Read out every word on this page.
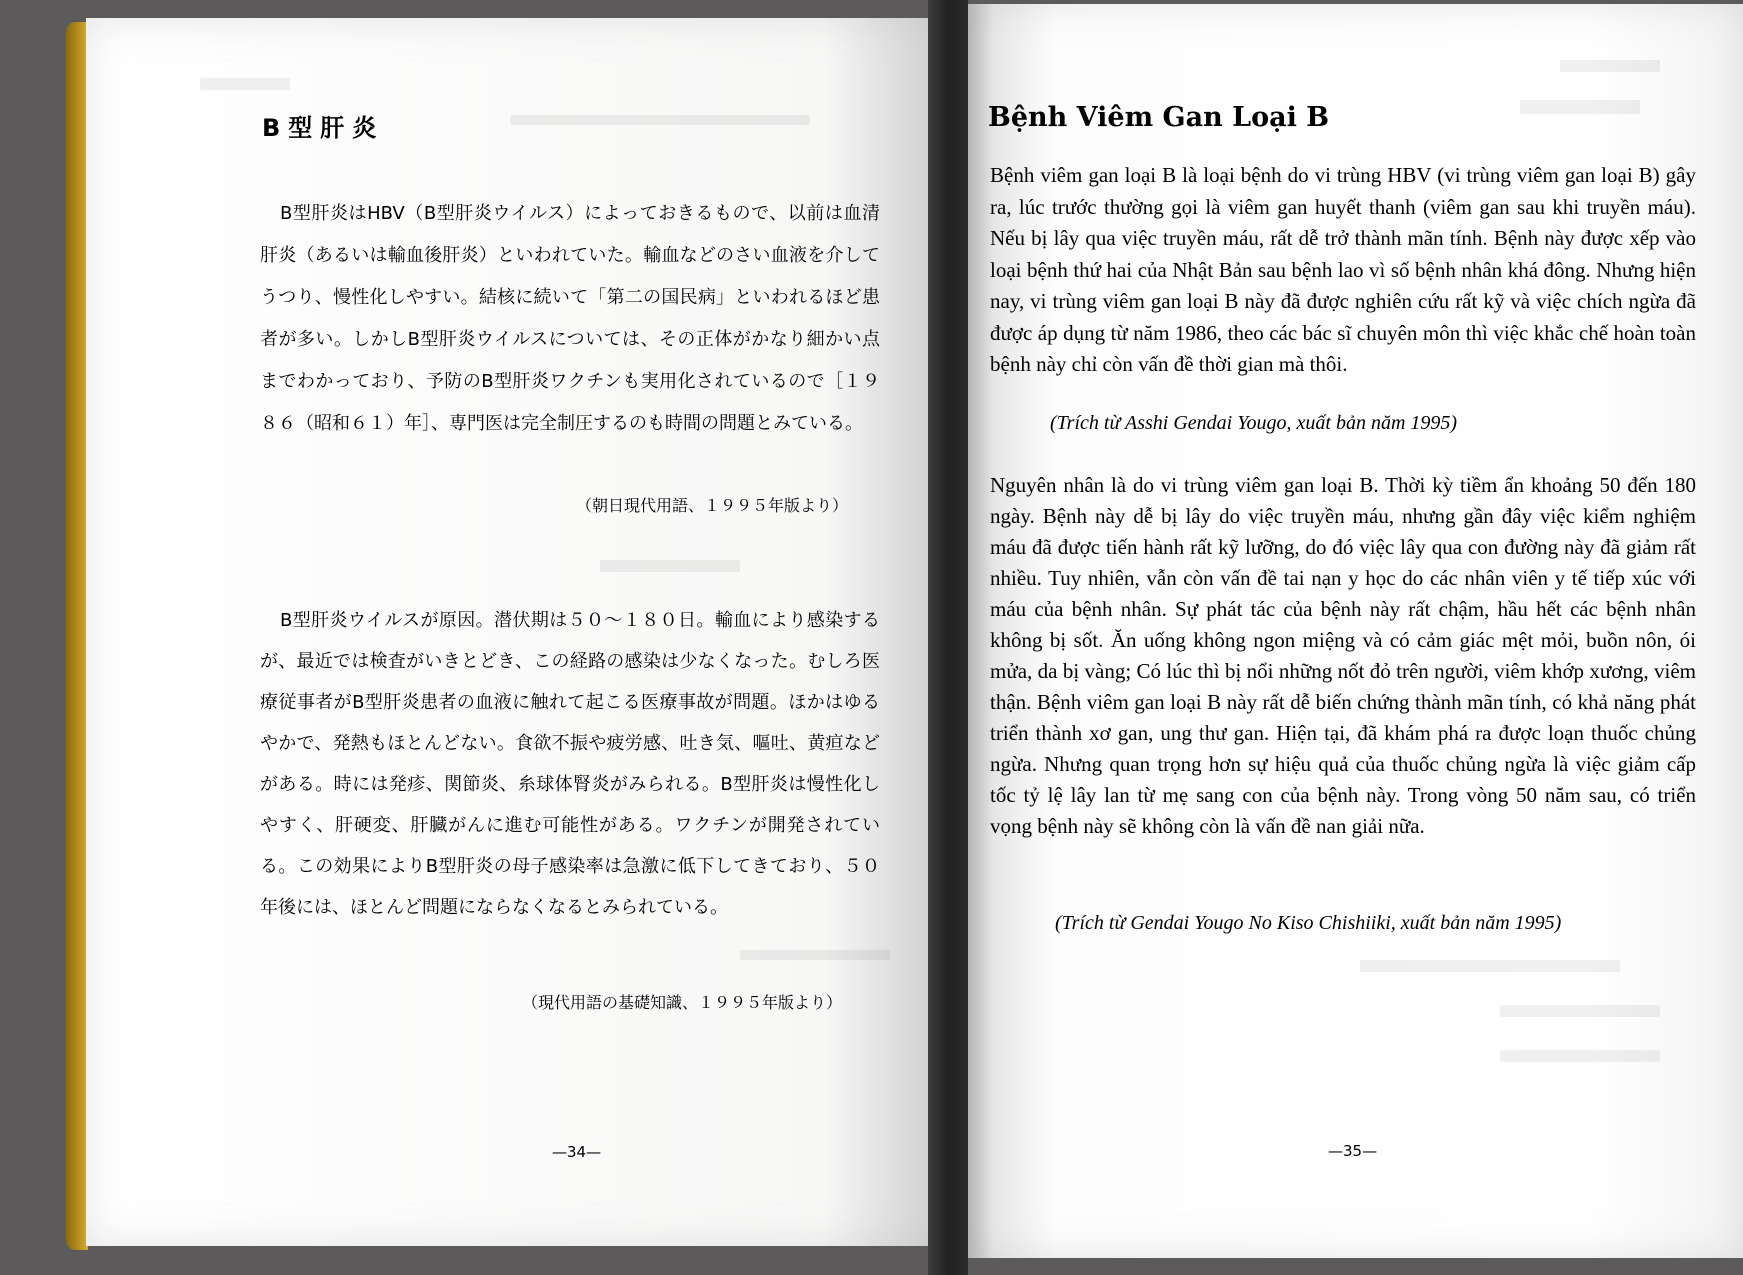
B型肝炎
B型肝炎はHBV（B型肝炎ウイルス）によっておきるもので、以前は血清肝炎（あるいは輸血後肝炎）といわれていた。輸血などのさい血液を介してうつり、慢性化しやすい。結核に続いて「第二の国民病」といわれるほど患者が多い。しかしB型肝炎ウイルスについては、その正体がかなり細かい点までわかっており、予防のB型肝炎ワクチンも実用化されているので［１９８６（昭和６１）年］、専門医は完全制圧するのも時間の問題とみている。
（朝日現代用語、１９９５年版より）
B型肝炎ウイルスが原因。潜伏期は５０～１８０日。輸血により感染するが、最近では検査がいきとどき、この経路の感染は少なくなった。むしろ医療従事者がB型肝炎患者の血液に触れて起こる医療事故が問題。ほかはゆるやかで、発熱もほとんどない。食欲不振や疲労感、吐き気、嘔吐、黄疸などがある。時には発疹、関節炎、糸球体腎炎がみられる。B型肝炎は慢性化しやすく、肝硬変、肝臓がんに進む可能性がある。ワクチンが開発されている。この効果によりB型肝炎の母子感染率は急激に低下してきており、５０年後には、ほとんど問題にならなくなるとみられている。
（現代用語の基礎知識、１９９５年版より）
—34—
Bệnh Viêm Gan Loại B
Bệnh viêm gan loại B là loại bệnh do vi trùng HBV (vi trùng viêm gan loại B) gây ra, lúc trước thường gọi là viêm gan huyết thanh (viêm gan sau khi truyền máu). Nếu bị lây qua việc truyền máu, rất dễ trở thành mãn tính. Bệnh này được xếp vào loại bệnh thứ hai của Nhật Bản sau bệnh lao vì số bệnh nhân khá đông. Nhưng hiện nay, vi trùng viêm gan loại B này đã được nghiên cứu rất kỹ và việc chích ngừa đã được áp dụng từ năm 1986, theo các bác sĩ chuyên môn thì việc khắc chế hoàn toàn bệnh này chỉ còn vấn đề thời gian mà thôi.
(Trích từ Asshi Gendai Yougo, xuất bản năm 1995)
Nguyên nhân là do vi trùng viêm gan loại B. Thời kỳ tiềm ẩn khoảng 50 đến 180 ngày. Bệnh này dễ bị lây do việc truyền máu, nhưng gần đây việc kiểm nghiệm máu đã được tiến hành rất kỹ lưỡng, do đó việc lây qua con đường này đã giảm rất nhiều. Tuy nhiên, vẫn còn vấn đề tai nạn y học do các nhân viên y tế tiếp xúc với máu của bệnh nhân. Sự phát tác của bệnh này rất chậm, hầu hết các bệnh nhân không bị sốt. Ăn uống không ngon miệng và có cảm giác mệt mỏi, buồn nôn, ói mửa, da bị vàng; Có lúc thì bị nổi những nốt đỏ trên người, viêm khớp xương, viêm thận. Bệnh viêm gan loại B này rất dễ biến chứng thành mãn tính, có khả năng phát triển thành xơ gan, ung thư gan. Hiện tại, đã khám phá ra được loạn thuốc chủng ngừa. Nhưng quan trọng hơn sự hiệu quả của thuốc chủng ngừa là việc giảm cấp tốc tỷ lệ lây lan từ mẹ sang con của bệnh này. Trong vòng 50 năm sau, có triển vọng bệnh này sẽ không còn là vấn đề nan giải nữa.
(Trích từ Gendai Yougo No Kiso Chishiiki, xuất bản năm 1995)
—35—
